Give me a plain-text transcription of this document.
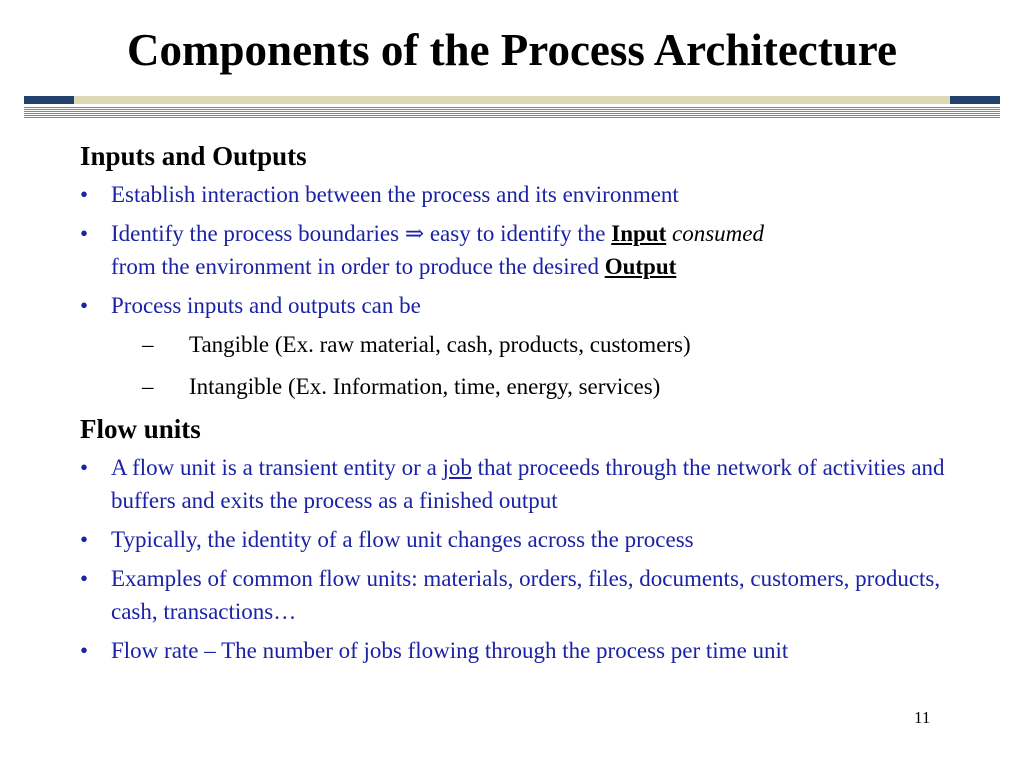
Components of the Process Architecture
Inputs and Outputs
• Establish interaction between the process and its environment
• Identify the process boundaries ⇒ easy to identify the Input consumed
from the environment in order to produce the desired Output
• Process inputs and outputs can be
– Tangible (Ex. raw material, cash, products, customers)
– Intangible (Ex. Information, time, energy, services)
Flow units
• A flow unit is a transient entity or a job that proceeds through the network of activities and buffers and exits the process as a finished output
• Typically, the identity of a flow unit changes across the process
• Examples of common flow units: materials, orders, files, documents, customers, products, cash, transactions…
• Flow rate – The number of jobs flowing through the process per time unit
11
